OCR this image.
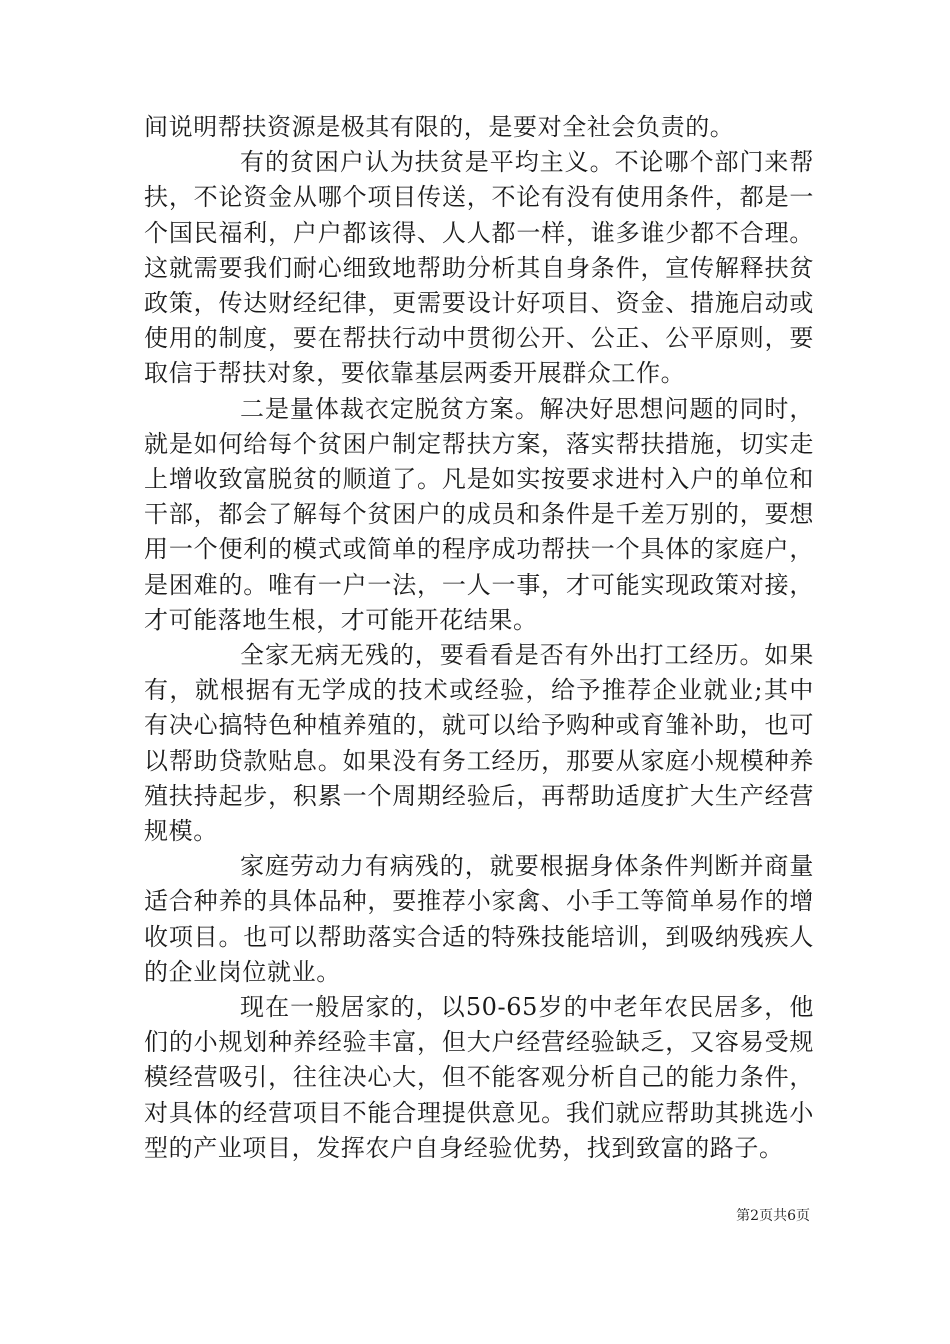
间说明帮扶资源是极其有限的，是要对全社会负责的。

有的贫困户认为扶贫是平均主义。不论哪个部门来帮扶，不论资金从哪个项目传送，不论有没有使用条件，都是一个国民福利，户户都该得、人人都一样，谁多谁少都不合理。这就需要我们耐心细致地帮助分析其自身条件，宣传解释扶贫政策，传达财经纪律，更需要设计好项目、资金、措施启动或使用的制度，要在帮扶行动中贯彻公开、公正、公平原则，要取信于帮扶对象，要依靠基层两委开展群众工作。

二是量体裁衣定脱贫方案。解决好思想问题的同时，就是如何给每个贫困户制定帮扶方案，落实帮扶措施，切实走上增收致富脱贫的顺道了。凡是如实按要求进村入户的单位和干部，都会了解每个贫困户的成员和条件是千差万别的，要想用一个便利的模式或简单的程序成功帮扶一个具体的家庭户，是困难的。唯有一户一法，一人一事，才可能实现政策对接，才可能落地生根，才可能开花结果。

全家无病无残的，要看看是否有外出打工经历。如果有，就根据有无学成的技术或经验，给予推荐企业就业;其中有决心搞特色种植养殖的，就可以给予购种或育雏补助，也可以帮助贷款贴息。如果没有务工经历，那要从家庭小规模种养殖扶持起步，积累一个周期经验后，再帮助适度扩大生产经营规模。

家庭劳动力有病残的，就要根据身体条件判断并商量适合种养的具体品种，要推荐小家禽、小手工等简单易作的增收项目。也可以帮助落实合适的特殊技能培训，到吸纳残疾人的企业岗位就业。

现在一般居家的，以50-65岁的中老年农民居多，他们的小规划种养经验丰富，但大户经营经验缺乏，又容易受规模经营吸引，往往决心大，但不能客观分析自己的能力条件，对具体的经营项目不能合理提供意见。我们就应帮助其挑选小型的产业项目，发挥农户自身经验优势，找到致富的路子。

第2页共6页
